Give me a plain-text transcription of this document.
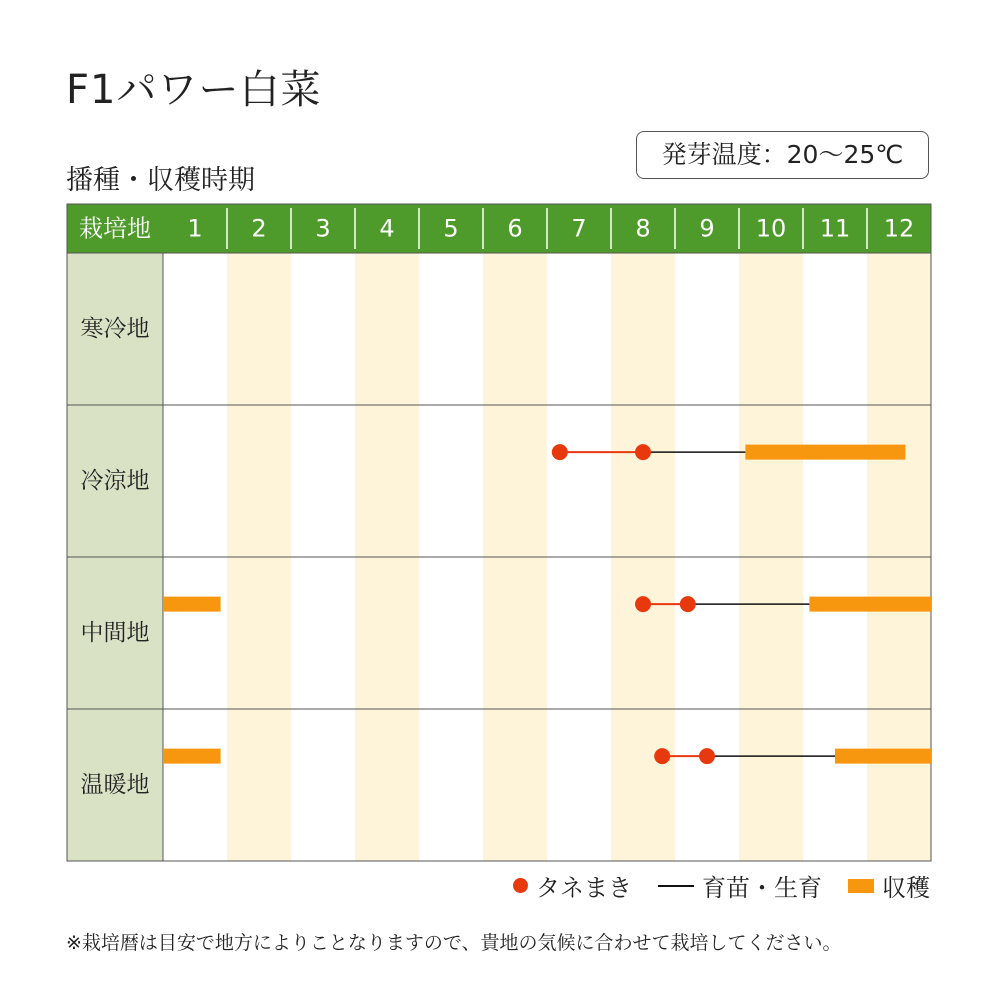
F1パワー白菜
播種・収穫時期
発芽温度：20〜25℃
栽培地 1 2 3 4 5 6 7 8 9 10 11 12
寒冷地
冷涼地
中間地
温暖地
タネまき	育苗・生育	収穫
※栽培暦は目安で地方によりことなりますので、貴地の気候に合わせて栽培してください。
